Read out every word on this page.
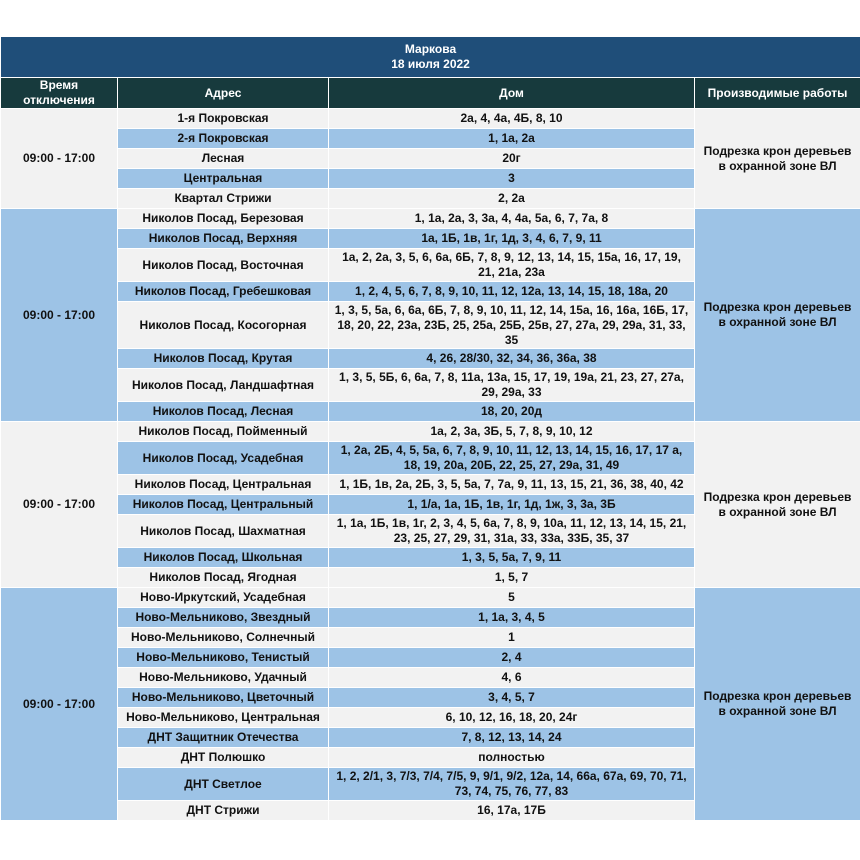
Маркова
18 июля 2022			

Время отключения	Адрес	Дом	Производимые работы
09:00 - 17:00	1-я Покровская	2а, 4, 4а, 4Б, 8, 10	Подрезка крон деревьев в охранной зоне ВЛ
	2-я Покровская	1, 1а, 2а	
	Лесная	20г	
	Центральная	3	
	Квартал Стрижи	2, 2а	
09:00 - 17:00	Николов Посад, Березовая	1, 1а, 2а, 3, 3а, 4, 4а, 5а, 6, 7, 7а, 8	Подрезка крон деревьев в охранной зоне ВЛ
	Николов Посад, Верхняя	1а, 1Б, 1в, 1г, 1д, 3, 4, 6, 7, 9, 11	
	Николов Посад, Восточная	1а, 2, 2а, 3, 5, 6, 6а, 6Б, 7, 8, 9, 12, 13, 14, 15, 15а, 16, 17, 19, 21, 21а, 23а	
	Николов Посад, Гребешковая	1, 2, 4, 5, 6, 7, 8, 9, 10, 11, 12, 12а, 13, 14, 15, 18, 18а, 20	
	Николов Посад, Косогорная	1, 3, 5, 5а, 6, 6а, 6Б, 7, 8, 9, 10, 11, 12, 14, 15а, 16, 16а, 16Б, 17, 18, 20, 22, 23а, 23Б, 25, 25а, 25Б, 25в, 27, 27а, 29, 29а, 31, 33, 35	
	Николов Посад, Крутая	4, 26, 28/30, 32, 34, 36, 36а, 38	
	Николов Посад, Ландшафтная	1, 3, 5, 5Б, 6, 6а, 7, 8, 11а, 13а, 15, 17, 19, 19а, 21, 23, 27, 27а, 29, 29а, 33	
	Николов Посад, Лесная	18, 20, 20д	
09:00 - 17:00	Николов Посад, Пойменный	1а, 2, 3а, 3Б, 5, 7, 8, 9, 10, 12	Подрезка крон деревьев в охранной зоне ВЛ
	Николов Посад, Усадебная	1, 2а, 2Б, 4, 5, 5а, 6, 7, 8, 9, 10, 11, 12, 13, 14, 15, 16, 17, 17 а, 18, 19, 20а, 20Б, 22, 25, 27, 29а, 31, 49	
	Николов Посад, Центральная	1, 1Б, 1в, 2а, 2Б, 3, 5, 5а, 7, 7а, 9, 11, 13, 15, 21, 36, 38, 40, 42	
	Николов Посад, Центральный	1, 1/а, 1а, 1Б, 1в, 1г, 1д, 1ж, 3, 3а, 3Б	
	Николов Посад, Шахматная	1, 1а, 1Б, 1в, 1г, 2, 3, 4, 5, 6а, 7, 8, 9, 10а, 11, 12, 13, 14, 15, 21, 23, 25, 27, 29, 31, 31а, 33, 33а, 33Б, 35, 37	
	Николов Посад, Школьная	1, 3, 5, 5а, 7, 9, 11	
	Николов Посад, Ягодная	1, 5, 7	
09:00 - 17:00	Ново-Иркутский, Усадебная	5	Подрезка крон деревьев в охранной зоне ВЛ
	Ново-Мельниково, Звездный	1, 1а, 3, 4, 5	
	Ново-Мельниково, Солнечный	1	
	Ново-Мельниково, Тенистый	2, 4	
	Ново-Мельниково, Удачный	4, 6	
	Ново-Мельниково, Цветочный	3, 4, 5, 7	
	Ново-Мельниково, Центральная	6, 10, 12, 16, 18, 20, 24г	
	ДНТ Защитник Отечества	7, 8, 12, 13, 14, 24	
	ДНТ Полюшко	полностью	
	ДНТ Светлое	1, 2, 2/1, 3, 7/3, 7/4, 7/5, 9, 9/1, 9/2, 12а, 14, 66а, 67а, 69, 70, 71, 73, 74, 75, 76, 77, 83	
	ДНТ Стрижи	16, 17а, 17Б	
